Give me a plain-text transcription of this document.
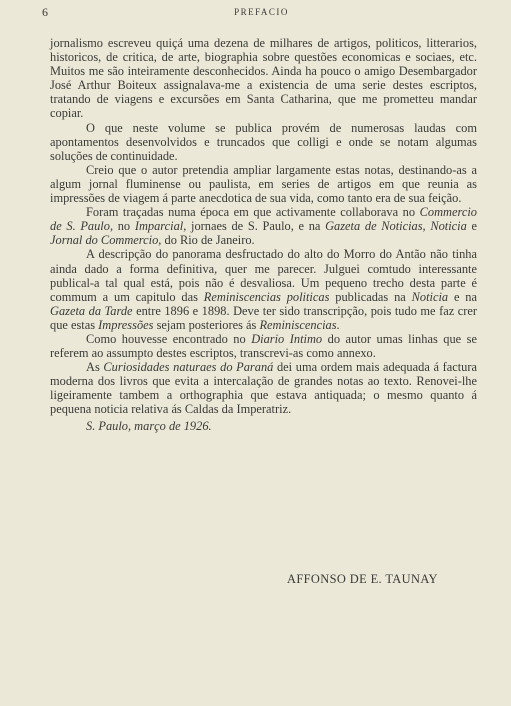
6	PREFACIO

jornalismo escreveu quiçá uma dezena de milhares de artigos, politicos, litterarios, historicos, de critica, de arte, biographia sobre questões economicas e sociaes, etc. Muitos me são inteiramente desconhecidos. Ainda ha pouco o amigo Desembargador José Arthur Boiteux assignalava-me a existencia de uma serie destes escriptos, tratando de viagens e excursões em Santa Catharina, que me prometteu mandar copiar.

O que neste volume se publica provém de numerosas laudas com apontamentos desenvolvidos e truncados que colligi e onde se notam algumas soluções de continuidade.

Creio que o autor pretendia ampliar largamente estas notas, destinando-as a algum jornal fluminense ou paulista, em series de artigos em que reunia as impressões de viagem á parte anecdotica de sua vida, como tanto era de sua feição.

Foram traçadas numa época em que activamente collaborava no Commercio de S. Paulo, no Imparcial, jornaes de S. Paulo, e na Gazeta de Noticias, Noticia e Jornal do Commercio, do Rio de Janeiro.

A descripção do panorama desfructado do alto do Morro do Antão não tinha ainda dado a forma definitiva, quer me parecer. Julguei comtudo interessante publical-a tal qual está, pois não é desvaliosa. Um pequeno trecho desta parte é commum a um capitulo das Reminiscencias politicas publicadas na Noticia e na Gazeta da Tarde entre 1896 e 1898. Deve ter sido transcripção, pois tudo me faz crer que estas Impressões sejam posteriores ás Reminiscencias.

Como houvesse encontrado no Diario Intimo do autor umas linhas que se referem ao assumpto destes escriptos, transcrevi-as como annexo.

As Curiosidades naturaes do Paraná dei uma ordem mais adequada á factura moderna dos livros que evita a intercalação de grandes notas ao texto. Renovei-lhe ligeiramente tambem a orthographia que estava antiquada; o mesmo quanto á pequena noticia relativa ás Caldas da Imperatriz.

S. Paulo, março de 1926.

AFFONSO DE E. TAUNAY
